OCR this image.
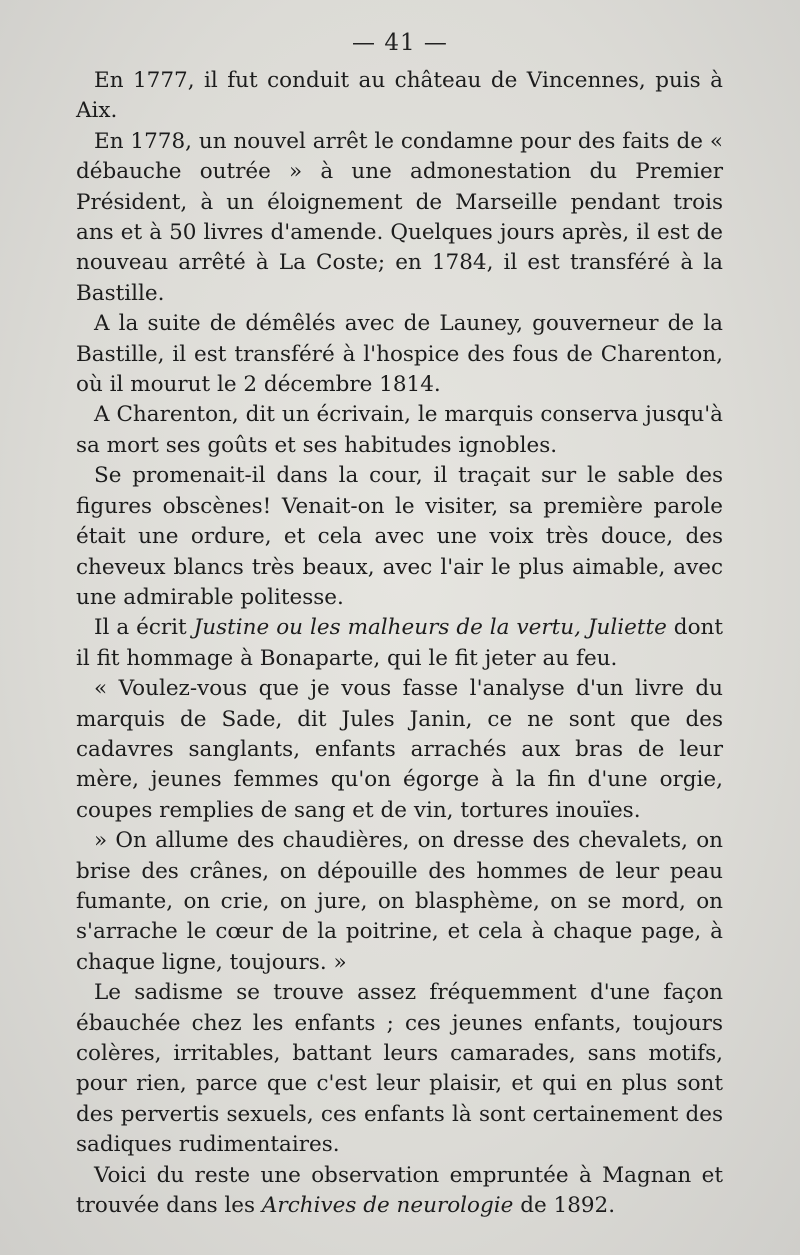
— 41 —

En 1777, il fut conduit au château de Vincennes, puis à Aix.

En 1778, un nouvel arrêt le condamne pour des faits de « débauche outrée » à une admonestation du Premier Président, à un éloignement de Marseille pendant trois ans et à 50 livres d'amende. Quelques jours après, il est de nouveau arrêté à La Coste; en 1784, il est transféré à la Bastille.

A la suite de démêlés avec de Launey, gouverneur de la Bastille, il est transféré à l'hospice des fous de Charenton, où il mourut le 2 décembre 1814.

A Charenton, dit un écrivain, le marquis conserva jusqu'à sa mort ses goûts et ses habitudes ignobles.

Se promenait-il dans la cour, il traçait sur le sable des figures obscènes! Venait-on le visiter, sa première parole était une ordure, et cela avec une voix très douce, des cheveux blancs très beaux, avec l'air le plus aimable, avec une admirable politesse.

Il a écrit Justine ou les malheurs de la vertu, Juliette dont il fit hommage à Bonaparte, qui le fit jeter au feu.

« Voulez-vous que je vous fasse l'analyse d'un livre du marquis de Sade, dit Jules Janin, ce ne sont que des cadavres sanglants, enfants arrachés aux bras de leur mère, jeunes femmes qu'on égorge à la fin d'une orgie, coupes remplies de sang et de vin, tortures inouïes.

» On allume des chaudières, on dresse des chevalets, on brise des crânes, on dépouille des hommes de leur peau fumante, on crie, on jure, on blasphème, on se mord, on s'arrache le cœur de la poitrine, et cela à chaque page, à chaque ligne, toujours. »

Le sadisme se trouve assez fréquemment d'une façon ébauchée chez les enfants ; ces jeunes enfants, toujours colères, irritables, battant leurs camarades, sans motifs, pour rien, parce que c'est leur plaisir, et qui en plus sont des pervertis sexuels, ces enfants là sont certainement des sadiques rudimentaires.

Voici du reste une observation empruntée à Magnan et trouvée dans les Archives de neurologie de 1892.
